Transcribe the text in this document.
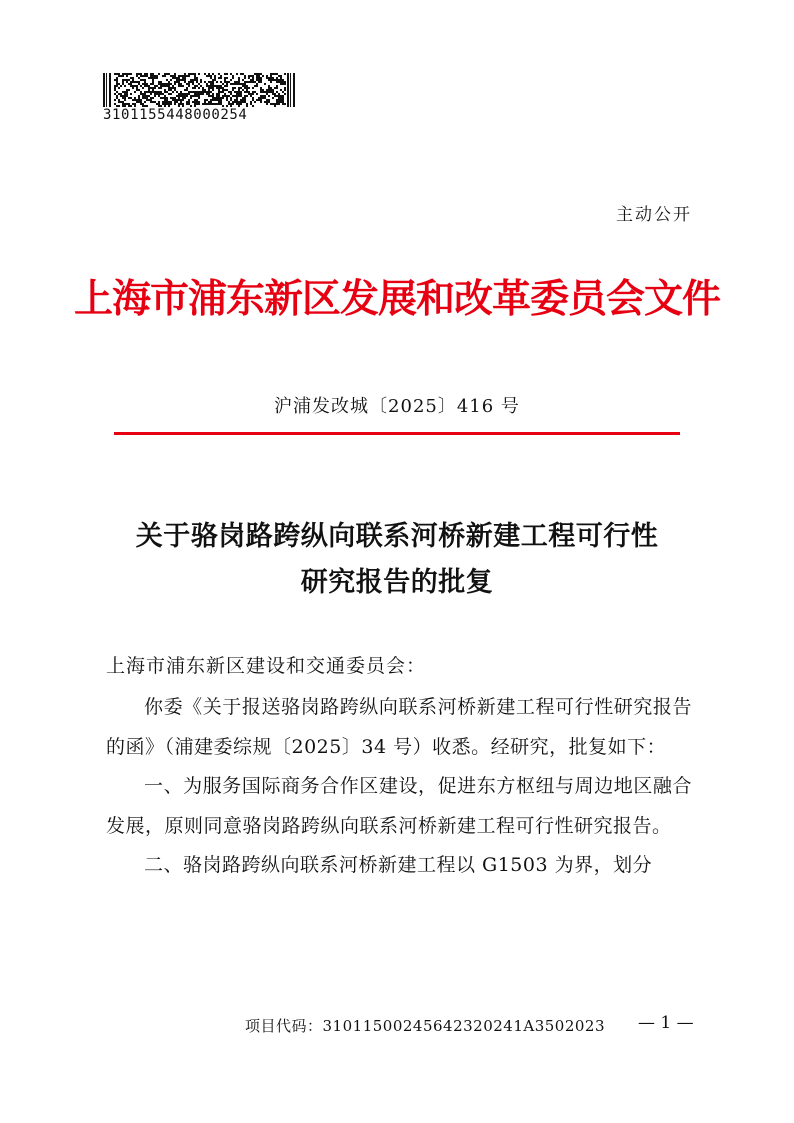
3101155448000254
主动公开
上海市浦东新区发展和改革委员会文件
沪浦发改城〔2025〕416 号
关于骆岗路跨纵向联系河桥新建工程可行性
研究报告的批复
上海市浦东新区建设和交通委员会：

你委《关于报送骆岗路跨纵向联系河桥新建工程可行性研究报告的函》（浦建委综规〔2025〕34 号）收悉。经研究，批复如下：

一、为服务国际商务合作区建设，促进东方枢纽与周边地区融合发展，原则同意骆岗路跨纵向联系河桥新建工程可行性研究报告。

二、骆岗路跨纵向联系河桥新建工程以 G1503 为界，划分

项目代码：31011500245642320241A3502023 — 1 —
